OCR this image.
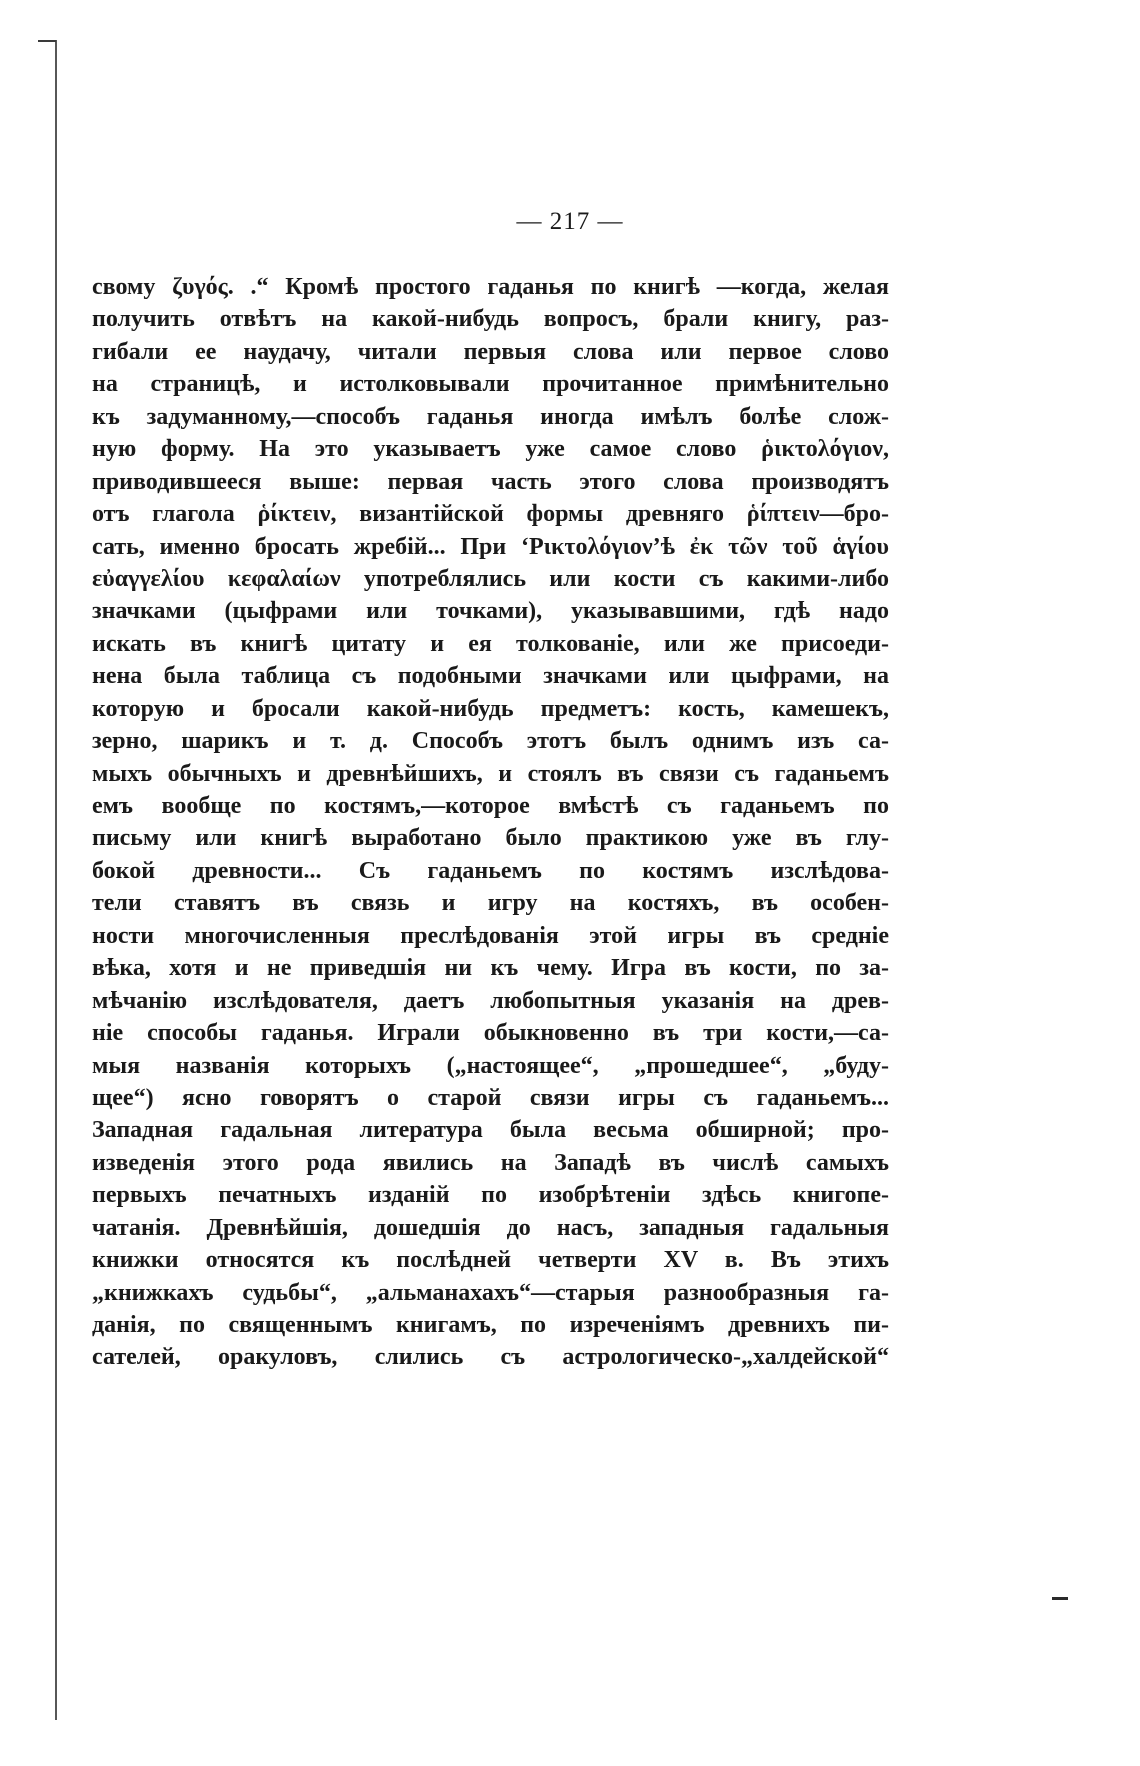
— 217 —
свому ζυγός. .“ Кромѣ простого гаданья по книгѣ —когда, желая
получить отвѣтъ на какой-нибудь вопросъ, брали книгу, раз-
гибали ее наудачу, читали первыя слова или первое слово
на страницѣ, и истолковывали прочитанное примѣнительно
къ задуманному,—способъ гаданья иногда имѣлъ болѣе слож-
ную форму. На это указываетъ уже самое слово ῥικτολόγιον,
приводившееся выше: первая часть этого слова производятъ
отъ глагола ῥίκτειν, византійской формы древняго ῥίπτειν—бро-
сать, именно бросать жребій... При ‘Ρικτολόγιον’ѣ ἐκ τῶν τοῦ ἁγίου
εὐαγγελίου κεφαλαίων употреблялись или кости съ какими-либо
значками (цыфрами или точками), указывавшими, гдѣ надо
искать въ книгѣ цитату и ея толкованіе, или же присоеди-
нена была таблица съ подобными значками или цыфрами, на
которую и бросали какой-нибудь предметъ: кость, камешекъ,
зерно, шарикъ и т. д. Способъ этотъ былъ однимъ изъ са-
мыхъ обычныхъ и древнѣйшихъ, и стоялъ въ связи съ гаданьемъ
емъ вообще по костямъ,—которое вмѣстѣ съ гаданьемъ по
письму или книгѣ выработано было практикою уже въ глу-
бокой древности... Съ гаданьемъ по костямъ изслѣдова-
тели ставятъ въ связь и игру на костяхъ, въ особен-
ности многочисленныя преслѣдованія этой игры въ средніе
вѣка, хотя и не приведшія ни къ чему. Игра въ кости, по за-
мѣчанію изслѣдователя, даетъ любопытныя указанія на древ-
ніе способы гаданья. Играли обыкновенно въ три кости,—са-
мыя названія которыхъ („настоящее“, „прошедшее“, „буду-
щее“) ясно говорятъ о старой связи игры съ гаданьемъ...
Западная гадальная литература была весьма обширной; про-
изведенія этого рода явились на Западѣ въ числѣ самыхъ
первыхъ печатныхъ изданій по изобрѣтеніи здѣсь книгопе-
чатанія. Древнѣйшія, дошедшія до насъ, западныя гадальныя
книжки относятся къ послѣдней четверти XV в. Въ этихъ
„книжкахъ судьбы“, „альманахахъ“—старыя разнообразныя га-
данія, по священнымъ книгамъ, по изреченіямъ древнихъ пи-
сателей, оракуловъ, слились съ астрологическо-„халдейской“
